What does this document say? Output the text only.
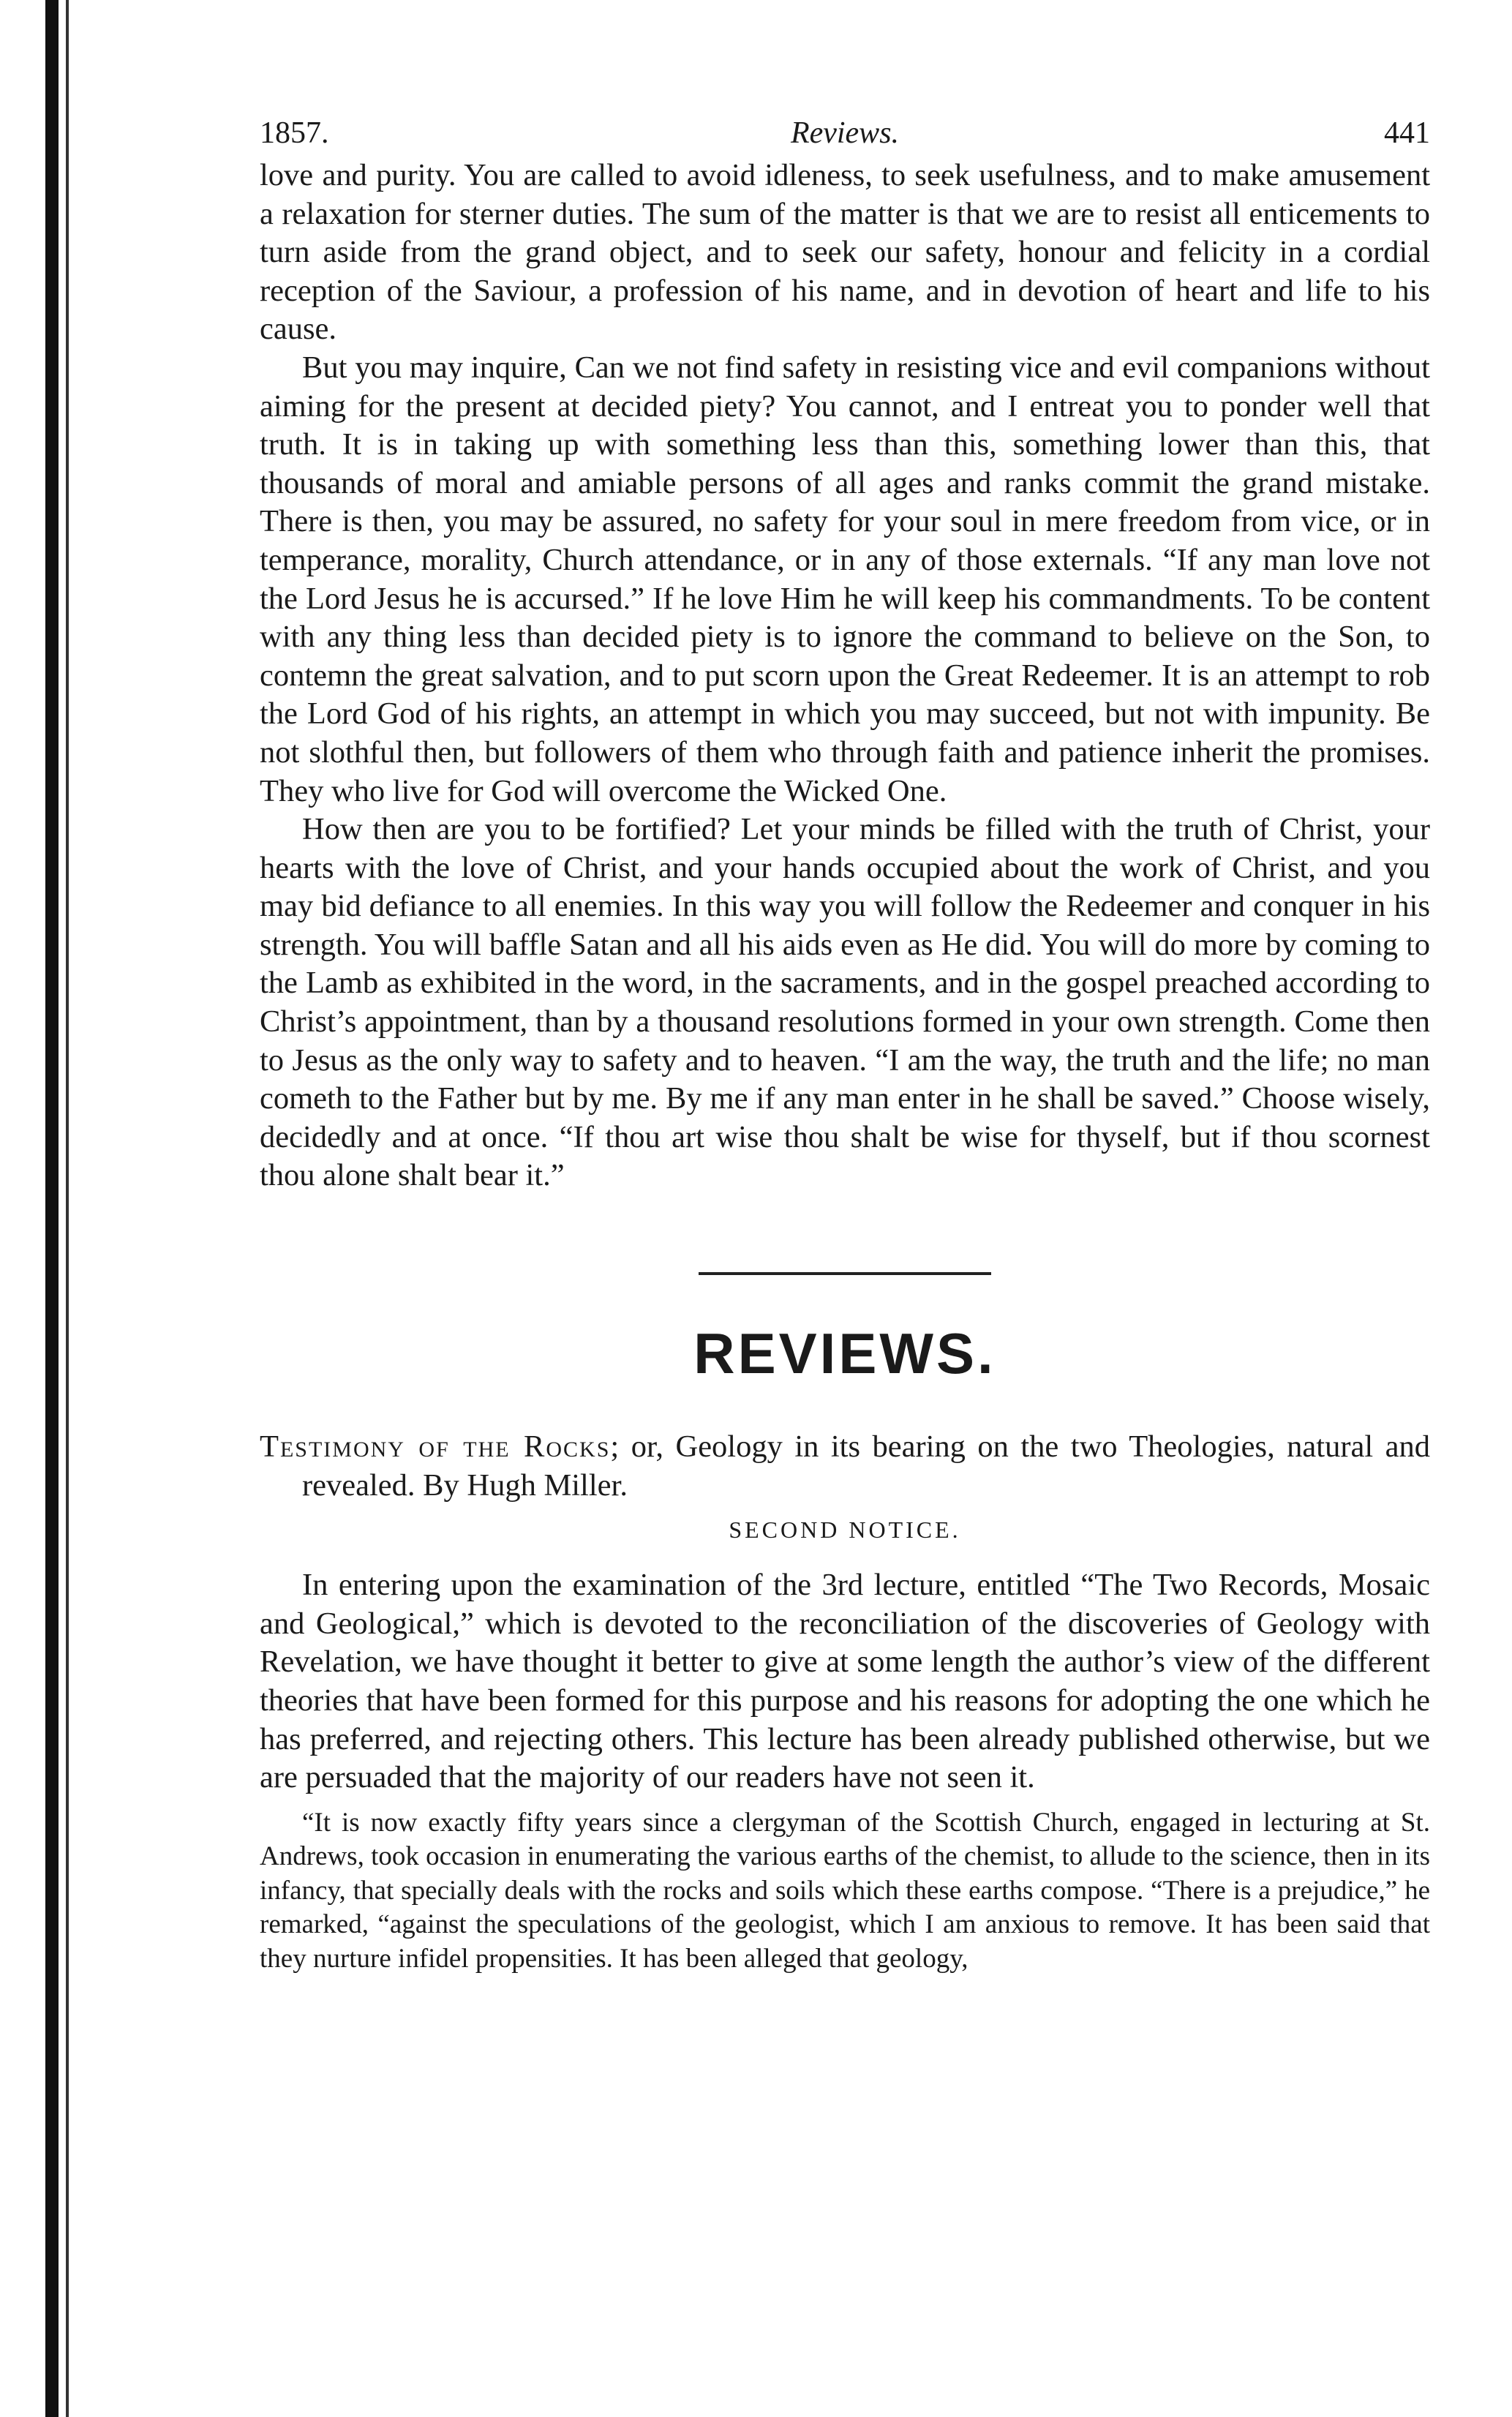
1857.	Reviews.	441

love and purity. You are called to avoid idleness, to seek usefulness, and to make amusement a relaxation for sterner duties. The sum of the matter is that we are to resist all enticements to turn aside from the grand object, and to seek our safety, honour and felicity in a cordial reception of the Saviour, a profession of his name, and in devotion of heart and life to his cause.

But you may inquire, Can we not find safety in resisting vice and evil companions without aiming for the present at decided piety? You cannot, and I entreat you to ponder well that truth. It is in taking up with something less than this, something lower than this, that thousands of moral and amiable persons of all ages and ranks commit the grand mistake. There is then, you may be assured, no safety for your soul in mere freedom from vice, or in temperance, morality, Church attendance, or in any of those externals. “If any man love not the Lord Jesus he is accursed.” If he love Him he will keep his commandments. To be content with any thing less than decided piety is to ignore the command to believe on the Son, to contemn the great salvation, and to put scorn upon the Great Redeemer. It is an attempt to rob the Lord God of his rights, an attempt in which you may succeed, but not with impunity. Be not slothful then, but followers of them who through faith and patience inherit the promises. They who live for God will overcome the Wicked One.

How then are you to be fortified? Let your minds be filled with the truth of Christ, your hearts with the love of Christ, and your hands occupied about the work of Christ, and you may bid defiance to all enemies. In this way you will follow the Redeemer and conquer in his strength. You will baffle Satan and all his aids even as He did. You will do more by coming to the Lamb as exhibited in the word, in the sacraments, and in the gospel preached according to Christ’s appointment, than by a thousand resolutions formed in your own strength. Come then to Jesus as the only way to safety and to heaven. “I am the way, the truth and the life; no man cometh to the Father but by me. By me if any man enter in he shall be saved.” Choose wisely, decidedly and at once. “If thou art wise thou shalt be wise for thyself, but if thou scornest thou alone shalt bear it.”

REVIEWS.
Testimony of the Rocks; or, Geology in its bearing on the two Theologies, natural and revealed. By Hugh Miller.
SECOND NOTICE.

In entering upon the examination of the 3rd lecture, entitled “The Two Records, Mosaic and Geological,” which is devoted to the reconciliation of the discoveries of Geology with Revelation, we have thought it better to give at some length the author’s view of the different theories that have been formed for this purpose and his reasons for adopting the one which he has preferred, and rejecting others. This lecture has been already published otherwise, but we are persuaded that the majority of our readers have not seen it.

“It is now exactly fifty years since a clergyman of the Scottish Church, engaged in lecturing at St. Andrews, took occasion in enumerating the various earths of the chemist, to allude to the science, then in its infancy, that specially deals with the rocks and soils which these earths compose. “There is a prejudice,” he remarked, “against the speculations of the geologist, which I am anxious to remove. It has been said that they nurture infidel propensities. It has been alleged that geology,
